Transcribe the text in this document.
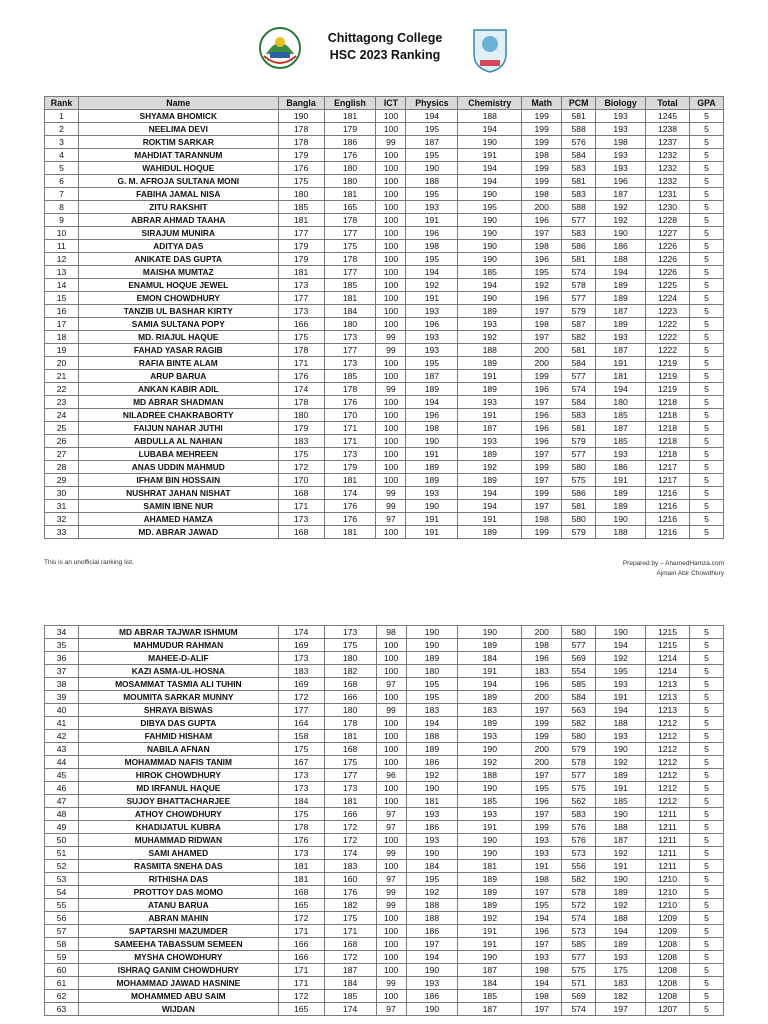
Chittagong College
HSC 2023 Ranking
Rank	Name	Bangla	English	ICT	Physics	Chemistry	Math	PCM	Biology	Total	GPA
1	SHYAMA BHOMICK	190	181	100	194	188	199	581	193	1245	5
2	NEELIMA DEVI	178	179	100	195	194	199	588	193	1238	5
3	ROKTIM SARKAR	178	186	99	187	190	199	576	198	1237	5
4	MAHDIAT TARANNUM	179	176	100	195	191	198	584	193	1232	5
5	WAHIDUL HOQUE	176	180	100	190	194	199	583	193	1232	5
6	G. M. AFROJA SULTANA MONI	175	180	100	188	194	199	581	196	1232	5
7	FABIHA JAMAL NISA	180	181	100	195	190	198	583	187	1231	5
8	ZITU RAKSHIT	185	165	100	193	195	200	588	192	1230	5
9	ABRAR AHMAD TAAHA	181	178	100	191	190	196	577	192	1228	5
10	SIRAJUM MUNIRA	177	177	100	196	190	197	583	190	1227	5
11	ADITYA DAS	179	175	100	198	190	198	586	186	1226	5
12	ANIKATE DAS GUPTA	179	178	100	195	190	196	581	188	1226	5
13	MAISHA MUMTAZ	181	177	100	194	185	195	574	194	1226	5
14	ENAMUL HOQUE JEWEL	173	185	100	192	194	192	578	189	1225	5
15	EMON CHOWDHURY	177	181	100	191	190	196	577	189	1224	5
16	TANZIB UL BASHAR KIRTY	173	184	100	193	189	197	579	187	1223	5
17	SAMIA SULTANA POPY	166	180	100	196	193	198	587	189	1222	5
18	MD. RIAJUL HAQUE	175	173	99	193	192	197	582	193	1222	5
19	FAHAD YASAR RAGIB	178	177	99	193	188	200	581	187	1222	5
20	RAFIA BINTE ALAM	171	173	100	195	189	200	584	191	1219	5
21	ARUP BARUA	176	185	100	187	191	199	577	181	1219	5
22	ANKAN KABIR ADIL	174	178	99	189	189	196	574	194	1219	5
23	MD ABRAR SHADMAN	178	176	100	194	193	197	584	180	1218	5
24	NILADREE CHAKRABORTY	180	170	100	196	191	196	583	185	1218	5
25	FAIJUN NAHAR JUTHI	179	171	100	198	187	196	581	187	1218	5
26	ABDULLA AL NAHIAN	183	171	100	190	193	196	579	185	1218	5
27	LUBABA MEHREEN	175	173	100	191	189	197	577	193	1218	5
28	ANAS UDDIN MAHMUD	172	179	100	189	192	199	580	186	1217	5
29	IFHAM BIN HOSSAIN	170	181	100	189	189	197	575	191	1217	5
30	NUSHRAT JAHAN NISHAT	168	174	99	193	194	199	586	189	1216	5
31	SAMIN IBNE NUR	171	176	99	190	194	197	581	189	1216	5
32	AHAMED HAMZA	173	176	97	191	191	198	580	190	1216	5
33	MD. ABRAR JAWAD	168	181	100	191	189	199	579	188	1216	5
This is an unofficial ranking list.	Prepared by – AhamedHamza.com
Ajmain Abir Chowdhury
34	MD ABRAR TAJWAR ISHMUM	174	173	98	190	190	200	580	190	1215	5
35	MAHMUDUR RAHMAN	169	175	100	190	189	198	577	194	1215	5
36	MAHEE-D-ALIF	173	180	100	189	184	196	569	192	1214	5
37	KAZI ASMA-UL-HOSNA	183	182	100	180	191	183	554	195	1214	5
38	MOSAMMAT TASMIA ALI TUHIN	169	168	97	195	194	196	585	193	1213	5
39	MOUMITA SARKAR MUNNY	172	166	100	195	189	200	584	191	1213	5
40	SHRAYA BISWAS	177	180	99	183	183	197	563	194	1213	5
41	DIBYA DAS GUPTA	164	178	100	194	189	199	582	188	1212	5
42	FAHMID HISHAM	158	181	100	188	193	199	580	193	1212	5
43	NABILA AFNAN	175	168	100	189	190	200	579	190	1212	5
44	MOHAMMAD NAFIS TANIM	167	175	100	186	192	200	578	192	1212	5
45	HIROK CHOWDHURY	173	177	96	192	188	197	577	189	1212	5
46	MD IRFANUL HAQUE	173	173	100	190	190	195	575	191	1212	5
47	SUJOY BHATTACHARJEE	184	181	100	181	185	196	562	185	1212	5
48	ATHOY CHOWDHURY	175	166	97	193	193	197	583	190	1211	5
49	KHADIJATUL KUBRA	178	172	97	186	191	199	576	188	1211	5
50	MUHAMMAD RIDWAN	176	172	100	193	190	193	576	187	1211	5
51	SAMI AHAMED	173	174	99	190	190	193	573	192	1211	5
52	RASMITA SNEHA DAS	181	183	100	184	181	191	556	191	1211	5
53	RITHISHA DAS	181	160	97	195	189	198	582	190	1210	5
54	PROTTOY DAS MOMO	168	176	99	192	189	197	578	189	1210	5
55	ATANU BARUA	165	182	99	188	189	195	572	192	1210	5
56	ABRAN MAHIN	172	175	100	188	192	194	574	188	1209	5
57	SAPTARSHI MAZUMDER	171	171	100	186	191	196	573	194	1209	5
58	SAMEEHA TABASSUM SEMEEN	166	168	100	197	191	197	585	189	1208	5
59	MYSHA CHOWDHURY	166	172	100	194	190	193	577	193	1208	5
60	ISHRAQ GANIM CHOWDHURY	171	187	100	190	187	198	575	175	1208	5
61	MOHAMMAD JAWAD HASNINE	171	184	99	193	184	194	571	183	1208	5
62	MOHAMMED ABU SAIM	172	185	100	186	185	198	569	182	1208	5
63	WIJDAN	165	174	97	190	187	197	574	197	1207	5
